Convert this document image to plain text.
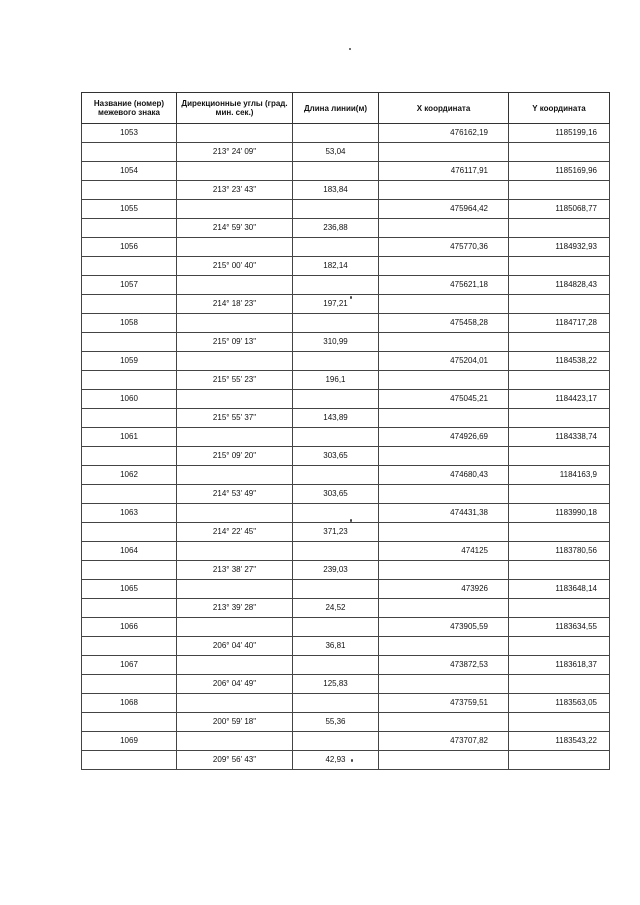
Название (номер) межевого знака	Дирекционные углы (град. мин. сек.)	Длина линии(м)	X координата	Y координата
1053			476162,19	1185199,16
	213° 24' 09"	53,04		
1054			476117,91	1185169,96
	213° 23' 43"	183,84		
1055			475964,42	1185068,77
	214° 59' 30"	236,88		
1056			475770,36	1184932,93
	215° 00' 40"	182,14		
1057			475621,18	1184828,43
	214° 18' 23"	197,21		
1058			475458,28	1184717,28
	215° 09' 13"	310,99		
1059			475204,01	1184538,22
	215° 55' 23"	196,1		
1060			475045,21	1184423,17
	215° 55' 37"	143,89		
1061			474926,69	1184338,74
	215° 09' 20"	303,65		
1062			474680,43	1184163,9
	214° 53' 49"	303,65		
1063			474431,38	1183990,18
	214° 22' 45"	371,23		
1064			474125	1183780,56
	213° 38' 27"	239,03		
1065			473926	1183648,14
	213° 39' 28"	24,52		
1066			473905,59	1183634,55
	206° 04' 40"	36,81		
1067			473872,53	1183618,37
	206° 04' 49"	125,83		
1068			473759,51	1183563,05
	200° 59' 18"	55,36		
1069			473707,82	1183543,22
	209° 56' 43"	42,93		
